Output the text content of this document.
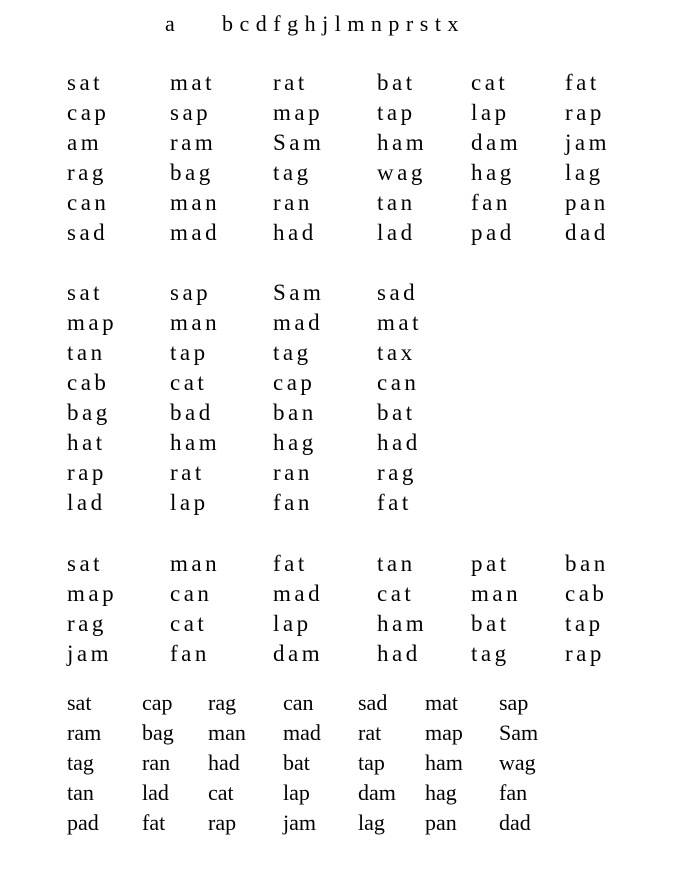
a b c d f g h j l m n p r s t x
sat	mat	rat	bat cat fat
cap	sap	map tap lap rap
am	ram Sam ham dam jam
rag	bag	tag	wag hag lag
can	man ran	tan fan pan
sad	mad had	lad pad dad
sat	sap	Sam sad
map man mad mat
tan	tap	tag	tax
cab	cat	cap	can
bag	bad	ban	bat
hat	ham hag	had
rap	rat	ran	rag
lad	lap	fan	fat
sat	man fat	tan pat ban
map can	mad cat man cab
rag	cat	lap	ham bat tap
jam	fan	dam had tag rap
sat cap rag can sad mat sap
ram bag man mad rat map Sam
tag ran had bat tap ham wag
tan lad cat lap dam hag fan
pad fat rap jam lag pan dad
